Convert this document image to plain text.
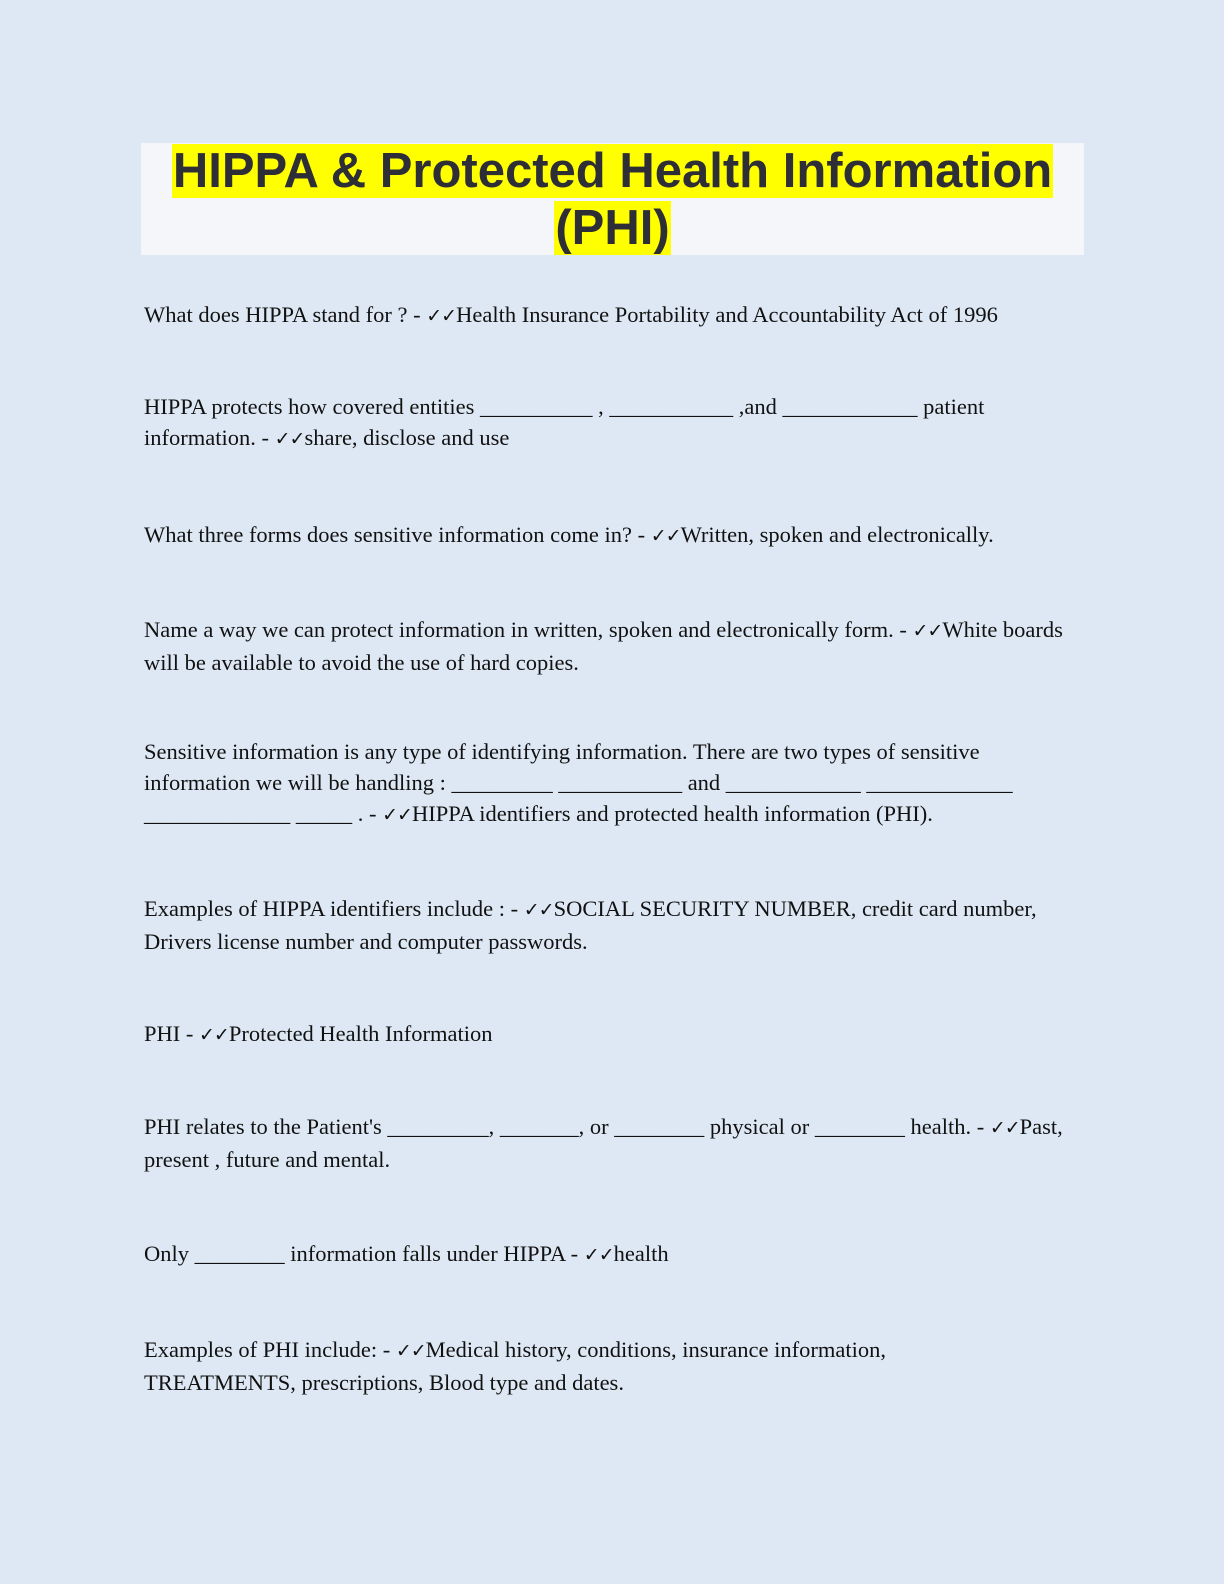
HIPPA & Protected Health Information
(PHI)

What does HIPPA stand for ? - ✓✓Health Insurance Portability and Accountability Act of 1996

HIPPA protects how covered entities __________ , ___________ ,and ____________ patient information. - ✓✓share, disclose and use

What three forms does sensitive information come in? - ✓✓Written, spoken and electronically.

Name a way we can protect information in written, spoken and electronically form. - ✓✓White boards will be available to avoid the use of hard copies.

Sensitive information is any type of identifying information. There are two types of sensitive information we will be handling : _________ ___________ and ____________ _____________ _____________ _____ . - ✓✓HIPPA identifiers and protected health information (PHI).

Examples of HIPPA identifiers include : - ✓✓SOCIAL SECURITY NUMBER, credit card number, Drivers license number and computer passwords.

PHI - ✓✓Protected Health Information

PHI relates to the Patient's _________, _______, or ________ physical or ________ health. - ✓✓Past, present , future and mental.

Only ________ information falls under HIPPA - ✓✓health

Examples of PHI include: - ✓✓Medical history, conditions, insurance information, TREATMENTS, prescriptions, Blood type and dates.
